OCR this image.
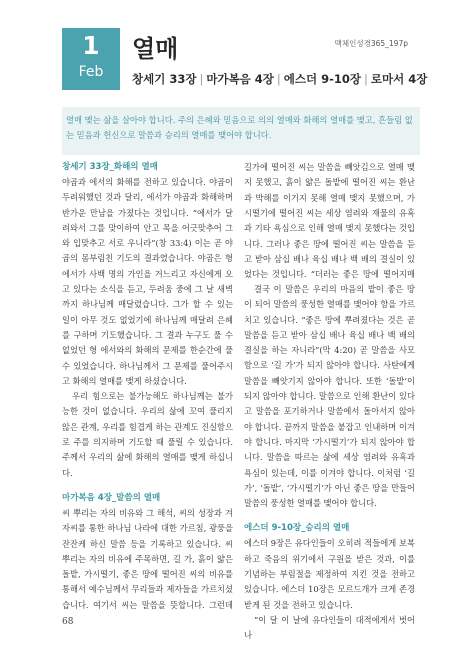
1
Feb
열매	맥체인성경365_197p
창세기 33장 | 마가복음 4장 | 에스더 9-10장 | 로마서 4장
열매 맺는 삶을 살아야 합니다. 주의 은혜와 믿음으로 의의 열매와 화해의 열매를 맺고, 흔들림 없는 믿음과 헌신으로 말씀과 승리의 열매를 맺어야 합니다.
창세기 33장_화해의 열매

야곱과 에서의 화해를 전하고 있습니다. 야곱이 두려워했던 것과 달리, 에서가 야곱과 화해하며 반가운 만남을 가졌다는 것입니다. “에서가 달려와서 그를 맞이하여 안고 목을 어긋맞추어 그와 입맞추고 서로 우니라”(창 33:4) 이는 곧 야곱의 몸부림친 기도의 결과였습니다. 야곱은 형 에서가 사백 명의 가인을 거느리고 자신에게 오고 있다는 소식을 듣고, 두려움 중에 그 날 새벽까지 하나님께 매달렸습니다. 그가 할 수 있는 일이 아무 것도 없었기에 하나님께 매달려 은혜를 구하며 기도했습니다. 그 결과 누구도 풀 수 없었던 형 에서와의 화해의 문제를 한순간에 풀 수 있었습니다. 하나님께서 그 문제를 풀어주시고 화해의 열매를 맺게 하셨습니다.

우리 힘으로는 불가능해도 하나님께는 불가능한 것이 없습니다. 우리의 삶에 꼬여 풀리지 않은 관계, 우리를 힘겹게 하는 관계도 진실함으로 주를 의지하며 기도할 때 풀릴 수 있습니다. 주께서 우리의 삶에 화해의 열매를 맺게 하십니다.

마가복음 4장_말씀의 열매

씨 뿌리는 자의 비유와 그 해석, 씨의 성장과 겨자씨를 통한 하나님 나라에 대한 가르침, 광풍을 잔잔케 하신 말씀 등을 기록하고 있습니다. 씨 뿌리는 자의 비유에 주목하면, 길 가, 흙이 얇은 돌밭, 가시떨기, 좋은 땅에 떨어진 씨의 비유를 통해서 예수님께서 무리들과 제자들을 가르치셨습니다. 여기서 씨는 말씀을 뜻합니다. 그런데

길가에 떨어진 씨는 말씀을 빼앗김으로 열매 맺지 못했고, 흙이 얇은 돌밭에 떨어진 씨는 환난과 박해를 이기지 못해 열매 맺지 못했으며, 가시떨기에 떨어진 씨는 세상 염려와 재물의 유혹과 기타 욕심으로 인해 열매 맺지 못했다는 것입니다. 그러나 좋은 땅에 떨어진 씨는 말씀을 듣고 받아 삼십 배나 육십 배나 백 배의 결실이 있었다는 것입니다. “더러는 좋은 땅에 떨어지매

결국 이 말씀은 우리의 마음의 밭이 좋은 땅이 되어 말씀의 풍성한 열매를 맺어야 함을 가르치고 있습니다. “좋은 땅에 뿌려졌다는 것은 곧 말씀을 듣고 받아 삼십 배나 육십 배나 백 배의 결실을 하는 자니라”(막 4:20) 곧 말씀을 사모함으로 ‘길 가’가 되지 않아야 합니다. 사탄에게 말씀을 빼앗기지 않아야 합니다. 또한 ‘돌밭’이 되지 않아야 합니다. 말씀으로 인해 환난이 있다고 말씀을 포기하거나 말씀에서 돌아서지 않아야 합니다. 끝까지 말씀을 붙잡고 인내하며 이겨야 합니다. 마지막 ‘가시떨기’가 되지 않아야 합니다. 말씀을 따르는 삶에 세상 염려와 유혹과 욕심이 있는데, 이를 이겨야 합니다. 이처럼 ‘길 가’, ‘돌밭’, ‘가시떨기’가 아닌 좋은 땅을 만들어 말씀의 풍성한 열매를 맺어야 합니다.

에스더 9-10장_승리의 열매

에스더 9장은 유다인들이 오히려 적들에게 보복하고 죽음의 위기에서 구원을 받은 것과, 이를 기념하는 부림절을 제정하여 지킨 것을 전하고 있습니다. 에스더 10장은 모르드개가 크게 존경 받게 된 것을 전하고 있습니다.

“이 달 이 날에 유다인들이 대적에게서 벗어나

68
